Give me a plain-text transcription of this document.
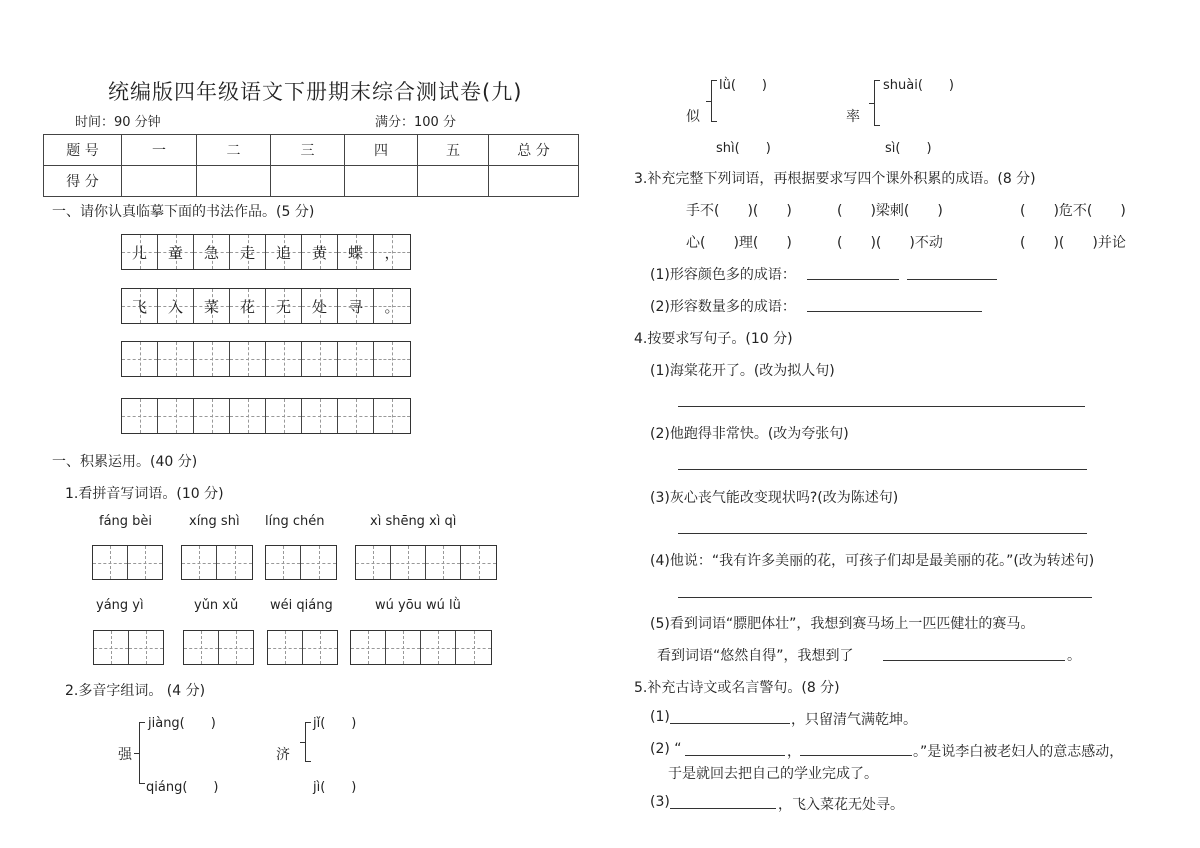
统编版四年级语文下册期末综合测试卷(九)
时间：90 分钟	满分：100 分
题 号	一	二	三	四	五	总 分
得 分						
一、请你认真临摹下面的书法作品。(5 分)
儿 童 急 走 追 黄 蝶 ，
飞 入 菜 花 无 处 寻 。
一、积累运用。(40 分)
1.看拼音写词语。(10 分)
fáng bèi	xíng shì líng chén	xì shēng xì qì
yáng yì	yǔn xǔ wéi qiáng	wú yōu wú lǜ
2.多音字组词。 (4 分)
jiàng(　　)
强
qiáng(　　)
jǐ(　　)
济
jì(　　)
lǜ(　　)
似
shì(　　)
shuài(　　)
率
sì(　　)
3.补充完整下列词语，再根据要求写四个课外积累的成语。(8 分)
手不(　　)(　　)	(　　)梁刺(　　)	(　　)危不(　　)
心(　　)理(　　)	(　　)(　　)不动	(　　)(　　)并论
(1)形容颜色多的成语：
(2)形容数量多的成语：
4.按要求写句子。(10 分)
(1)海棠花开了。(改为拟人句)
(2)他跑得非常快。(改为夸张句)
(3)灰心丧气能改变现状吗?(改为陈述句)
(4)他说：“我有许多美丽的花，可孩子们却是最美丽的花。”(改为转述句)
(5)看到词语“膘肥体壮”，我想到赛马场上一匹匹健壮的赛马。
看到词语“悠然自得”，我想到了	。
5.补充古诗文或名言警句。(8 分)
(1)	，只留清气满乾坤。
(2) “	，	。”是说李白被老妇人的意志感动，
于是就回去把自己的学业完成了。
(3)	，飞入菜花无处寻。
